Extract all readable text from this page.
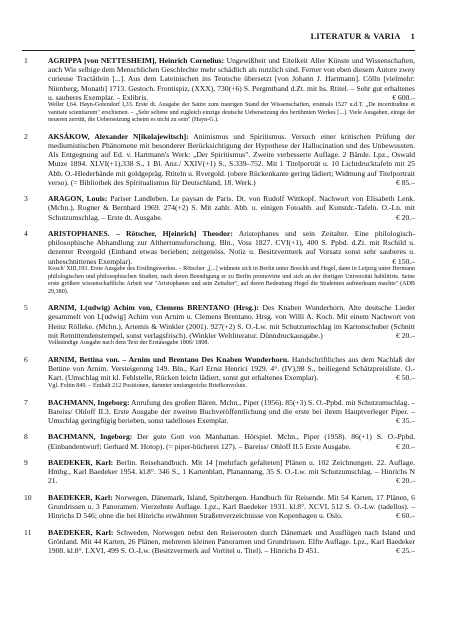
LITERATUR & VARIA 1
1	AGRIPPA [von NETTESHEIM], Heinrich Cornelius: Ungewißheit und Eitelkeit Aller Künste und Wissenschaften, auch Wie selbige dem Menschlichen Geschlechte mehr schädlich als nutzlich sind. Ferner von eben diesem Autore zwey curieuse Tractätlein [...]. Aus dem Lateinischen ins Teutsche übersetzt [von Johann J. Hartmann]. Cölln [vielmehr: Nürnberg, Monath] 1713. Gestoch. Frontispiz, (XXX), 730(+6) S. Pergmtband d.Zt. mit hs. Rtitel. – Sehr gut erhaltenes u. sauberes Exemplar. – Exlibris.	€ 600.–
Weller I,64. Hayn-Gotendorf I,33. Erste dt. Ausgabe der Satire zum traurigen Stand der Wissenschaften, erstmals 1527 u.d.T. „De incertitudine et vanitate scientiarum" erschienen. – „Sehr seltene und zugleich einzige deutsche Uebersetzung des berühmten Werkes [...]. Viele Ausgaben, einige der neueren zerrütt, die Uebersetzung scheint es nicht zu sein" (Hayn-G.).
2	AKSÁKOW, Alexander N[ikolajewitsch]: Animismus und Spiritismus. Versuch einer kritischen Prüfung der mediumistischen Phänomene mit besonderer Berücksichtigung der Hypothese der Hallucination und des Unbewussten. Als Entgegnung auf Ed. v. Hartmann's Werk: „Der Spiritismus". Zweite verbesserte Auflage. 2 Bände. Lpz., Oswald Mutze 1894. XLVI(+1),338 S., 1 Bl. Anz./ XXIV(+1) S., S.339–752. Mit 1 Titelporträt u. 10 Lichtdrucktafeln mit 25 Abb. O.-Hlederbände mit goldgepräg. Rtiteln u. Rvergold. (obere Rückenkante gering lädiert; Widmung auf Titelportrait verso). (= Bibliothek des Spiritualismus für Deutschland, 18. Werk.)	€ 85.–
3	ARAGON, Louis: Pariser Landleben. Le paysan de Paris. Dt. von Rudolf Wittkopf. Nachwort von Elisabeth Lenk. (Mchn.), Rogner & Bernhard 1969. 274(+2) S. Mit zahlr. Abb. u. einigen Fotoabb. auf Kunstdr.-Tafeln. O.-Ln. mit Schutzumschlag. – Erste dt. Ausgabe.	€ 20.–
4	ARISTOPHANES. – Rötscher, H[einrich] Theodor: Aristophanes und sein Zeitalter. Eine philologisch-philosophische Abhandlung zur Althertumsforschung. Bln., Voss 1827. CVI(+1), 400 S. Ppbd. d.Zt. mit Rschild u. dezenter Rvergold (Einband etwas berieben; zeitgenöss. Notiz u. Besitzvermerk auf Vorsatz sonst sehr sauberes u. unbeschnittenes Exemplar).	€ 150.–
Kosch' XIII,193. Erste Ausgabe des Erstlingswerkes. – Rötscher „[...] widmete sich in Berlin unter Boeckh und Hegel, dann in Leipzig unter Hermann philologischen und philosophischen Studien, nach deren Beendigung er zu Berlin promovirte und sich an der dortigen Universität habilitirte. Seine erste größere wissenschaftliche Arbeit war "Aristophanes und sein Zeitalter", auf deren Bedeutung Hegel die Studenten aufmerksam machte" (ADB 29,380).
5	ARNIM, L(udwig) Achim von, Clemens BRENTANO (Hrsg.): Des Knaben Wunderhorn. Alte deutsche Lieder gesammelt von L[udwig] Achim von Arnim u. Clemens Brentano. Hrsg. von Willi A. Koch. Mit einem Nachwort von Heinz Rölleke. (Mchn.), Artemis & Winkler (2001). 927(+2) S. O.-Lw. mit Schutzumschlag im Kartonschuber (Schnitt mit Remittendenstempel, sonst verlagsfrisch). (Winkler Weltliteratur. Dünndruckausgabe.)	€ 20.–
Vollständige Ausgabe nach dem Text der Erstausgabe 1806/ 1808.
6	ARNIM, Bettina von. – Arnim und Brentano Des Knaben Wunderhorn. Handschriftliches aus dem Nachlaß der Bettine von Arnim. Versteigerung 149. Bln., Karl Ernst Henrici 1929. 4°. (IV),98 S., beiliegend Schätzpreisliste. O.-Kart. (Umschlag mit kl. Fehlstelle, Rücken leicht lädiert, sonst gut erhaltenes Exemplar).	€ 50.–
Vgl. Foltin 849. – Enthält 212 Positionen, darunter umfangreiche Briefkonvolute.
7	BACHMANN, Ingeborg: Anrufung des großen Bären. Mchn., Piper (1956). 85(+3) S. O.-Ppbd. mit Schutzumschlag. – Bareiss/ Ohloff II.3. Erste Ausgabe der zweiten Buchveröffentlichung und die erste bei ihrem Hauptverleger Piper. – Umschlag geringfügig berieben, sonst tadelloses Exemplar.	€ 35.–
8	BACHMANN, Ingeborg: Der gute Gott von Manhattan. Hörspiel. Mchn., Piper (1958). 86(+1) S. O.-Ppbd. (Einbandentwurf: Gerhard M. Hotop). (= piper-bücherei 127). – Bareiss/ Ohloff II.5 Erste Ausgabe.	€ 20.–
9	BAEDEKER, Karl: Berlin. Reisehandbuch. Mit 14 [mehrfach gefalteten] Plänen u. 102 Zeichnungen. 22. Auflage. Hmbg., Karl Baedeker 1954. kl.8°. 346 S., 1 Kartenblatt, Planannang, 35 S. O.-Lw. mit Schutzumschlag. – Hinrichs N 21.	€ 20.–
10	BAEDEKER, Karl: Norwegen, Dänemark, Island, Spitzbergen. Handbuch für Reisende. Mit 54 Karten, 17 Plänen, 6 Grundrissen u. 3 Panoramen. Vierzehnte Auflage. Lpz., Karl Baedeker 1931. kl.8°. XCVI, 512 S. O.-Lw. (tadellos). – Hinrichs D 546; ohne die bei Hinrichs erwähnten Straßenverzeichnisse von Kopenhagen u. Oslo.	€ 60.–
11	BAEDEKER, Karl: Schweden, Norwegen nebst den Reiserouten durch Dänemark und Ausflügen nach Island und Grönland. Mit 44 Karten, 26 Plänen, mehreren kleinen Panoramen und Grundrissen. Elfte Auflage. Lpz., Karl Baedeker 1908. kl.8°. LXVI, 499 S. O.-Lw. (Besitzvermerk auf Vortitel u. Titel). – Hinrichs D 451.	€ 25.–
